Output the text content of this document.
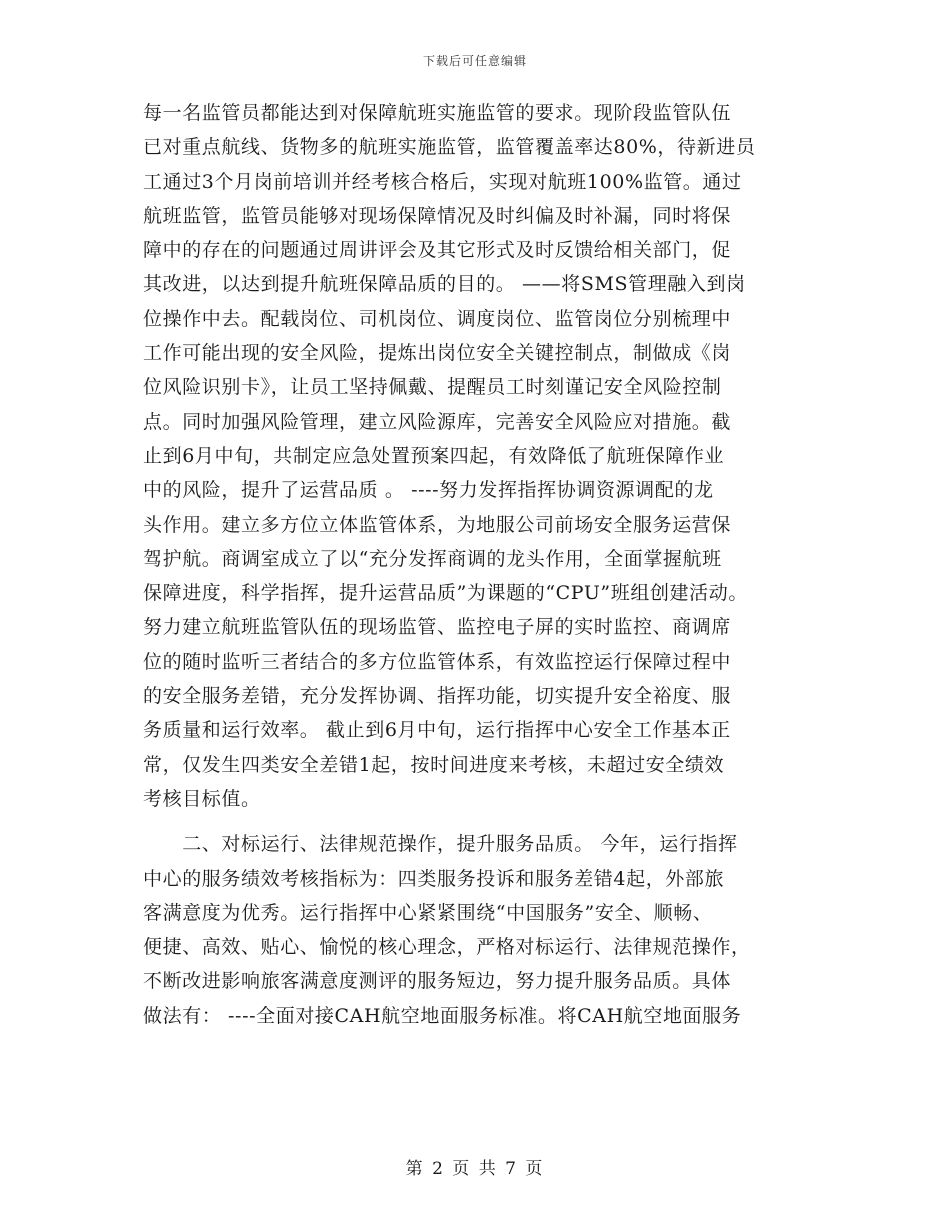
下载后可任意编辑
每一名监管员都能达到对保障航班实施监管的要求。现阶段监管队伍
已对重点航线、货物多的航班实施监管，监管覆盖率达80%，待新进员
工通过3个月岗前培训并经考核合格后，实现对航班100%监管。通过
航班监管，监管员能够对现场保障情况及时纠偏及时补漏，同时将保
障中的存在的问题通过周讲评会及其它形式及时反馈给相关部门，促
其改进，以达到提升航班保障品质的目的。 ——将SMS管理融入到岗
位操作中去。配载岗位、司机岗位、调度岗位、监管岗位分别梳理中
工作可能出现的安全风险，提炼出岗位安全关键控制点，制做成《岗
位风险识别卡》，让员工坚持佩戴、提醒员工时刻谨记安全风险控制
点。同时加强风险管理，建立风险源库，完善安全风险应对措施。截
止到6月中旬，共制定应急处置预案四起，有效降低了航班保障作业
中的风险，提升了运营品质 。 ----努力发挥指挥协调资源调配的龙
头作用。建立多方位立体监管体系，为地服公司前场安全服务运营保
驾护航。商调室成立了以“充分发挥商调的龙头作用，全面掌握航班
保障进度，科学指挥，提升运营品质”为课题的“CPU”班组创建活动。
努力建立航班监管队伍的现场监管、监控电子屏的实时监控、商调席
位的随时监听三者结合的多方位监管体系，有效监控运行保障过程中
的安全服务差错，充分发挥协调、指挥功能，切实提升安全裕度、服
务质量和运行效率。 截止到6月中旬，运行指挥中心安全工作基本正
常，仅发生四类安全差错1起，按时间进度来考核，未超过安全绩效
考核目标值。
　　二、对标运行、法律规范操作，提升服务品质。 今年，运行指挥
中心的服务绩效考核指标为：四类服务投诉和服务差错4起，外部旅
客满意度为优秀。运行指挥中心紧紧围绕“中国服务”安全、顺畅、
便捷、高效、贴心、愉悦的核心理念，严格对标运行、法律规范操作，
不断改进影响旅客满意度测评的服务短边，努力提升服务品质。具体
做法有： ----全面对接CAH航空地面服务标准。将CAH航空地面服务
第 2 页 共 7 页
